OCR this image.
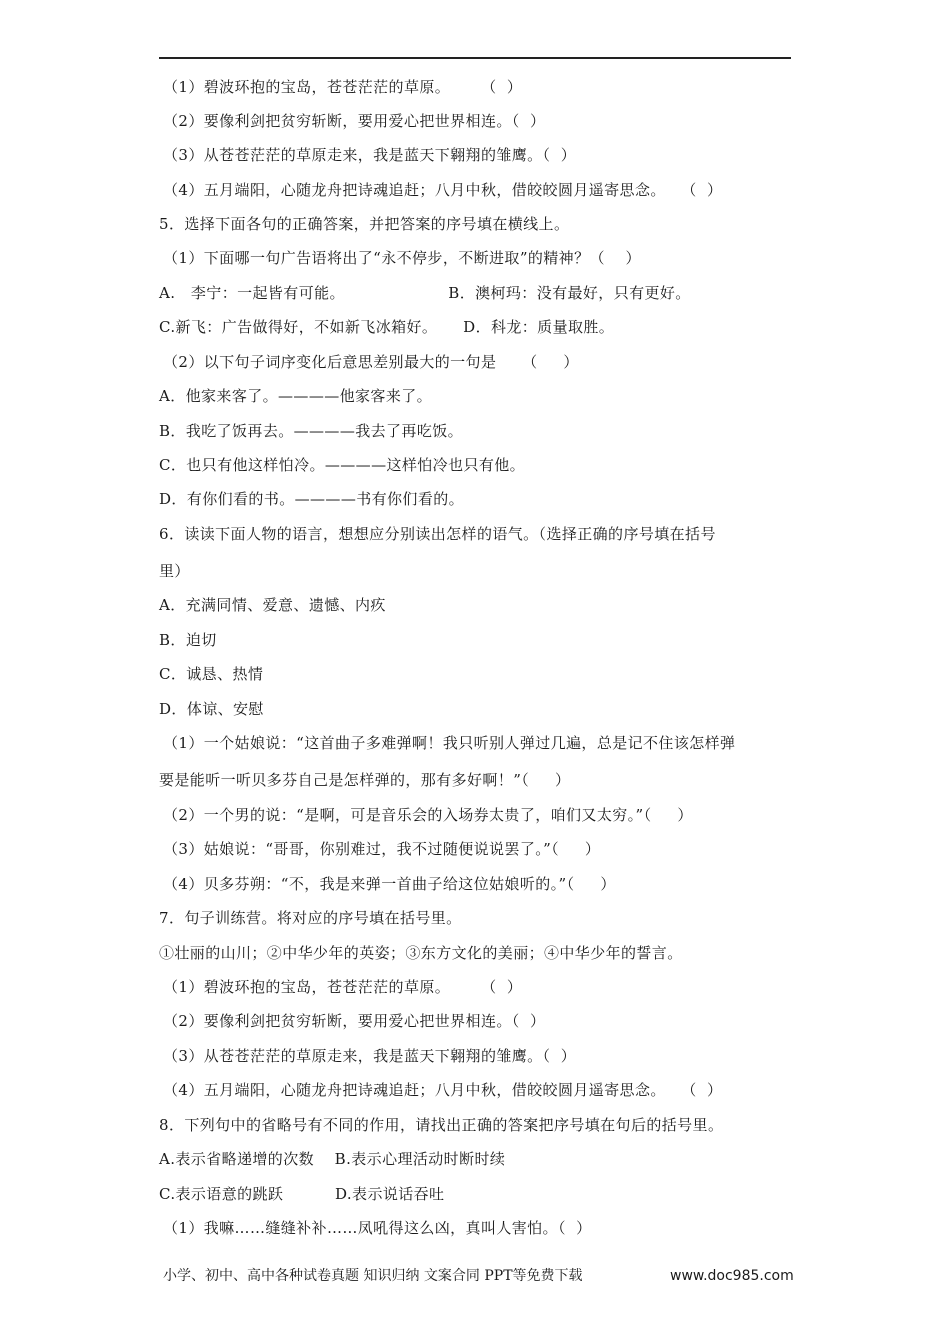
（1）碧波环抱的宝岛，苍苍茫茫的草原。      （  ）
（2）要像利剑把贫穷斩断，要用爱心把世界相连。（  ）
（3）从苍苍茫茫的草原走来，我是蓝天下翱翔的雏鹰。（  ）
（4）五月端阳，心随龙舟把诗魂追赶；八月中秋，借皎皎圆月遥寄思念。   （  ）
5．选择下面各句的正确答案，并把答案的序号填在横线上。
（1）下面哪一句广告语将出了“永不停步，不断进取”的精神？（    ）
A.   李宁：一起皆有可能。                    B．澳柯玛：没有最好，只有更好。
C.新飞：广告做得好，不如新飞冰箱好。     D．科龙：质量取胜。
（2）以下句子词序变化后意思差别最大的一句是     （     ）
A．他家来客了。————他家客来了。
B．我吃了饭再去。————我去了再吃饭。
C．也只有他这样怕冷。————这样怕冷也只有他。
D．有你们看的书。————书有你们看的。
6．读读下面人物的语言，想想应分别读出怎样的语气。（选择正确的序号填在括号
里）
A．充满同情、爱意、遗憾、内疚
B．迫切
C．诚恳、热情
D．体谅、安慰
（1）一个姑娘说：“这首曲子多难弹啊！我只听别人弹过几遍，总是记不住该怎样弹
要是能听一听贝多芬自己是怎样弹的，那有多好啊！”（     ）
（2）一个男的说：“是啊，可是音乐会的入场券太贵了，咱们又太穷。”（     ）
（3）姑娘说：“哥哥，你别难过，我不过随便说说罢了。”（     ）
（4）贝多芬朔：“不，我是来弹一首曲子给这位姑娘听的。”（     ）
7．句子训练营。将对应的序号填在括号里。
①壮丽的山川；②中华少年的英姿；③东方文化的美丽；④中华少年的誓言。
（1）碧波环抱的宝岛，苍苍茫茫的草原。      （  ）
（2）要像利剑把贫穷斩断，要用爱心把世界相连。（  ）
（3）从苍苍茫茫的草原走来，我是蓝天下翱翔的雏鹰。（  ）
（4）五月端阳，心随龙舟把诗魂追赶；八月中秋，借皎皎圆月遥寄思念。   （  ）
8．下列句中的省略号有不同的作用，请找出正确的答案把序号填在句后的括号里。
A.表示省略递增的次数    B.表示心理活动时断时续
C.表示语意的跳跃          D.表示说话吞吐
（1）我嘛……缝缝补补……凤吼得这么凶，真叫人害怕。（  ）
小学、初中、高中各种试卷真题 知识归纳 文案合同 PPT等免费下载	www.doc985.com
